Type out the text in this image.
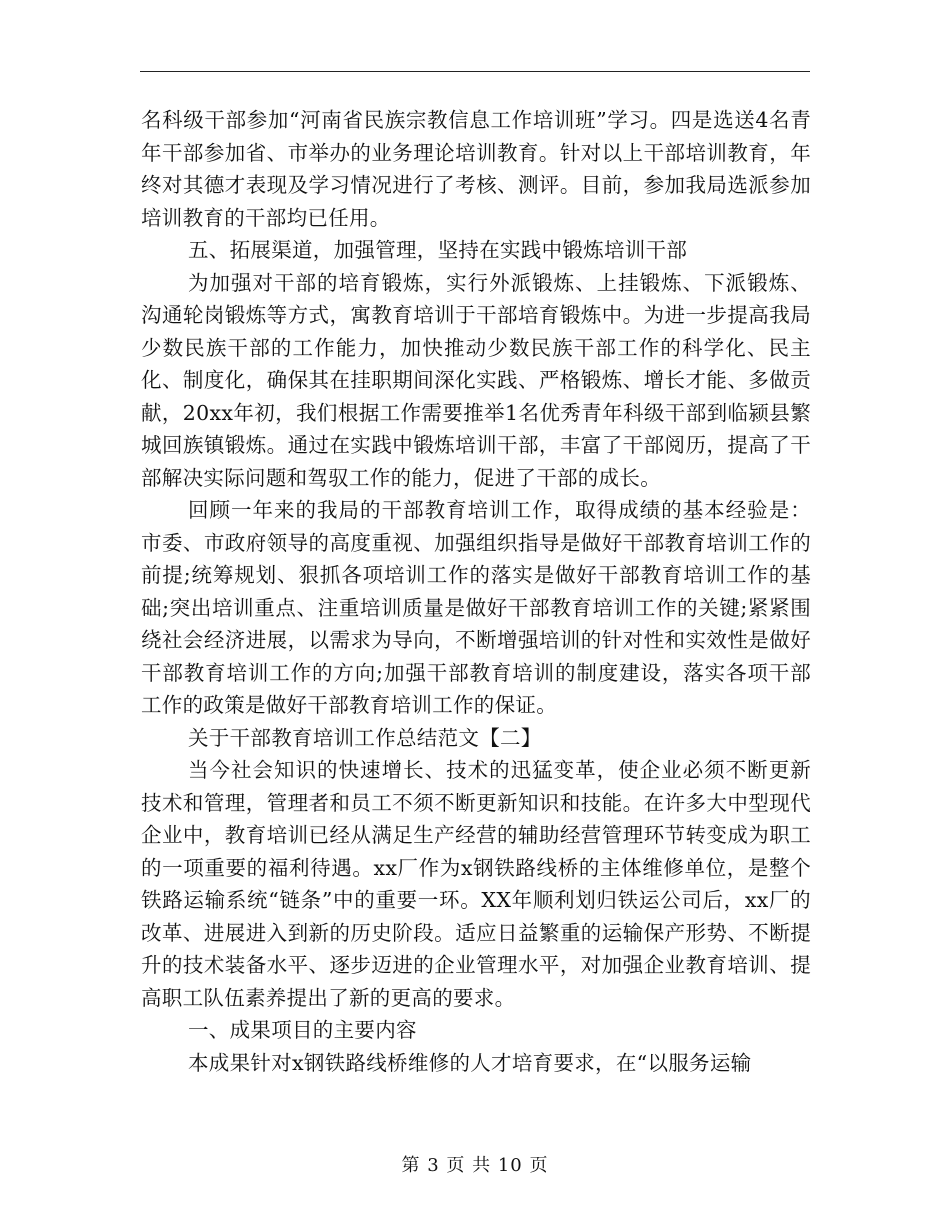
名科级干部参加“河南省民族宗教信息工作培训班”学习。四是选送4名青年干部参加省、市举办的业务理论培训教育。针对以上干部培训教育，年终对其德才表现及学习情况进行了考核、测评。目前，参加我局选派参加培训教育的干部均已任用。

五、拓展渠道，加强管理，坚持在实践中锻炼培训干部

为加强对干部的培育锻炼，实行外派锻炼、上挂锻炼、下派锻炼、沟通轮岗锻炼等方式，寓教育培训于干部培育锻炼中。为进一步提高我局少数民族干部的工作能力，加快推动少数民族干部工作的科学化、民主化、制度化，确保其在挂职期间深化实践、严格锻炼、增长才能、多做贡献，20xx年初，我们根据工作需要推举1名优秀青年科级干部到临颍县繁城回族镇锻炼。通过在实践中锻炼培训干部，丰富了干部阅历，提高了干部解决实际问题和驾驭工作的能力，促进了干部的成长。

回顾一年来的我局的干部教育培训工作，取得成绩的基本经验是：市委、市政府领导的高度重视、加强组织指导是做好干部教育培训工作的前提;统筹规划、狠抓各项培训工作的落实是做好干部教育培训工作的基础;突出培训重点、注重培训质量是做好干部教育培训工作的关键;紧紧围绕社会经济进展，以需求为导向，不断增强培训的针对性和实效性是做好干部教育培训工作的方向;加强干部教育培训的制度建设，落实各项干部工作的政策是做好干部教育培训工作的保证。

关于干部教育培训工作总结范文【二】

当今社会知识的快速增长、技术的迅猛变革，使企业必须不断更新技术和管理，管理者和员工不须不断更新知识和技能。在许多大中型现代企业中，教育培训已经从满足生产经营的辅助经营管理环节转变成为职工的一项重要的福利待遇。xx厂作为x钢铁路线桥的主体维修单位，是整个铁路运输系统“链条”中的重要一环。XX年顺利划归铁运公司后，xx厂的改革、进展进入到新的历史阶段。适应日益繁重的运输保产形势、不断提升的技术装备水平、逐步迈进的企业管理水平，对加强企业教育培训、提高职工队伍素养提出了新的更高的要求。

一、成果项目的主要内容

本成果针对x钢铁路线桥维修的人才培育要求，在“以服务运输

第 3 页 共 10 页
